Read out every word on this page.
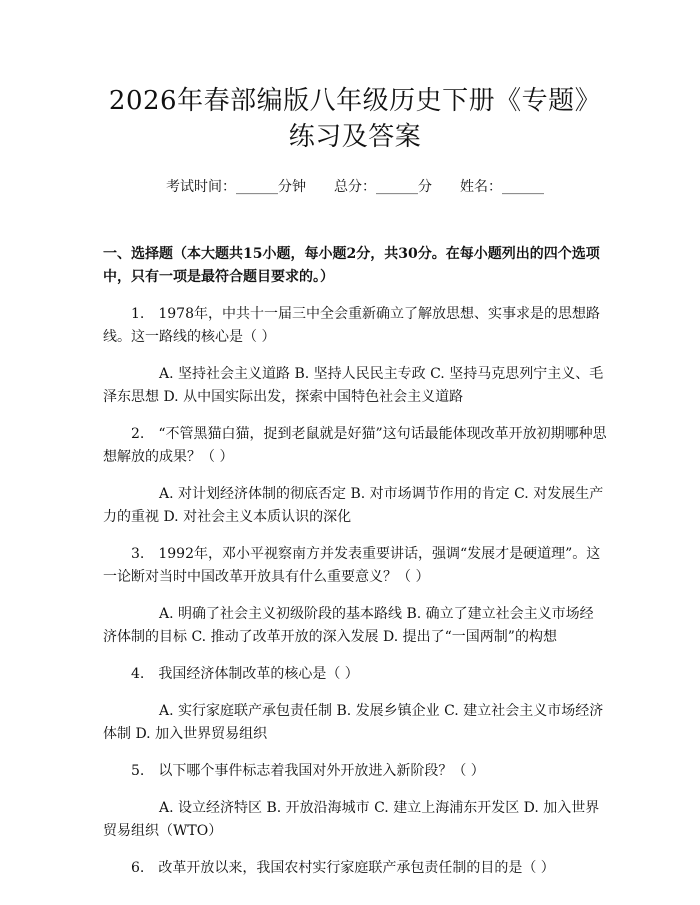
2026年春部编版八年级历史下册《专题》练习及答案
考试时间：______分钟 总分：______分 姓名：______
一、选择题（本大题共15小题，每小题2分，共30分。在每小题列出的四个选项中，只有一项是最符合题目要求的。）
1.　1978年，中共十一届三中全会重新确立了解放思想、实事求是的思想路线。这一路线的核心是（ ）
A. 坚持社会主义道路 B. 坚持人民民主专政 C. 坚持马克思列宁主义、毛泽东思想 D. 从中国实际出发，探索中国特色社会主义道路
2.　“不管黑猫白猫，捉到老鼠就是好猫”这句话最能体现改革开放初期哪种思想解放的成果？（ ）
A. 对计划经济体制的彻底否定 B. 对市场调节作用的肯定 C. 对发展生产力的重视 D. 对社会主义本质认识的深化
3.　1992年，邓小平视察南方并发表重要讲话，强调“发展才是硬道理”。这一论断对当时中国改革开放具有什么重要意义？（ ）
A. 明确了社会主义初级阶段的基本路线 B. 确立了建立社会主义市场经济体制的目标 C. 推动了改革开放的深入发展 D. 提出了“一国两制”的构想
4.　我国经济体制改革的核心是（ ）
A. 实行家庭联产承包责任制 B. 发展乡镇企业 C. 建立社会主义市场经济体制 D. 加入世界贸易组织
5.　以下哪个事件标志着我国对外开放进入新阶段？（ ）
A. 设立经济特区 B. 开放沿海城市 C. 建立上海浦东开发区 D. 加入世界贸易组织（WTO）
6.　改革开放以来，我国农村实行家庭联产承包责任制的目的是（ ）
